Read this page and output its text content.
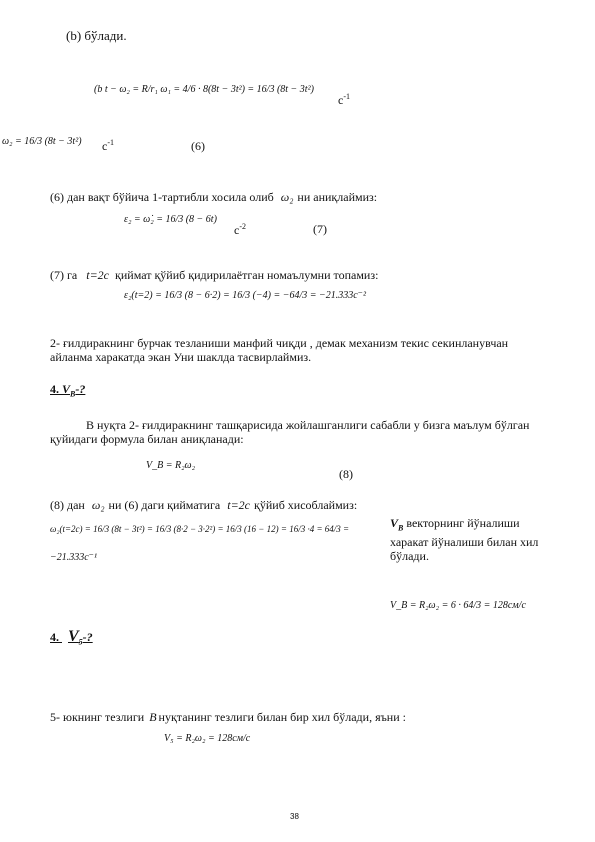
(b) бўлади.
(b t − ω₂ = R/r₁ ω₁ = 4/6 · 8(8t − 3t²) = 16/3 (8t − 3t²)
$с^{-1}$
ω₂ = 16/3 (8t − 3t²) $с^{-1}$	(6)
(6) дан вақт бўйича 1-тартибли хосила олиб ω₂ ни аниқлаймиз:
ε₂ = ω̇₂ = 16/3 (8 − 6t)
$с^{-2}$	(7)
(7) га t=2c қиймат қўйиб қидирилаётган номаълумни топамиз:
ε₂(t=2) = 16/3 (8 − 6·2) = 16/3 (−4) = −64/3 = −21.333с⁻²
2- ғилдиракнинг бурчак тезланиши манфий чиқди , демак механизм текис секинланувчан айланма харакатда экан Уни шаклда тасвирлаймиз.
4. $V_B-$?
В нуқта 2- ғилдиракнинг ташқарисида жойлашганлиги сабабли у бизга маълум бўлган қуйидаги формула билан аниқланади:
V_B = R₂ω₂
(8)
(8) дан ω₂ ни (6) даги қийматига t=2c қўйиб хисоблаймиз:
ω₂(t=2c) = 16/3 (8t − 3t²) = 16/3 (8·2 − 3·2²) = 16/3 (16 − 12) = 16/3 ·4 = 64/3 =
−21.333с⁻¹
$V_B$ векторнинг йўналиши харакат йўналиши билан хил бўлади.
V_B = R₂ω₂ = 6 · 64/3 = 128см/с
4. $V_5-$?
5- юкнинг тезлиги B нуқтанинг тезлиги билан бир хил бўлади, яъни :
V₅ = R₂ω₂ = 128см/с
38
